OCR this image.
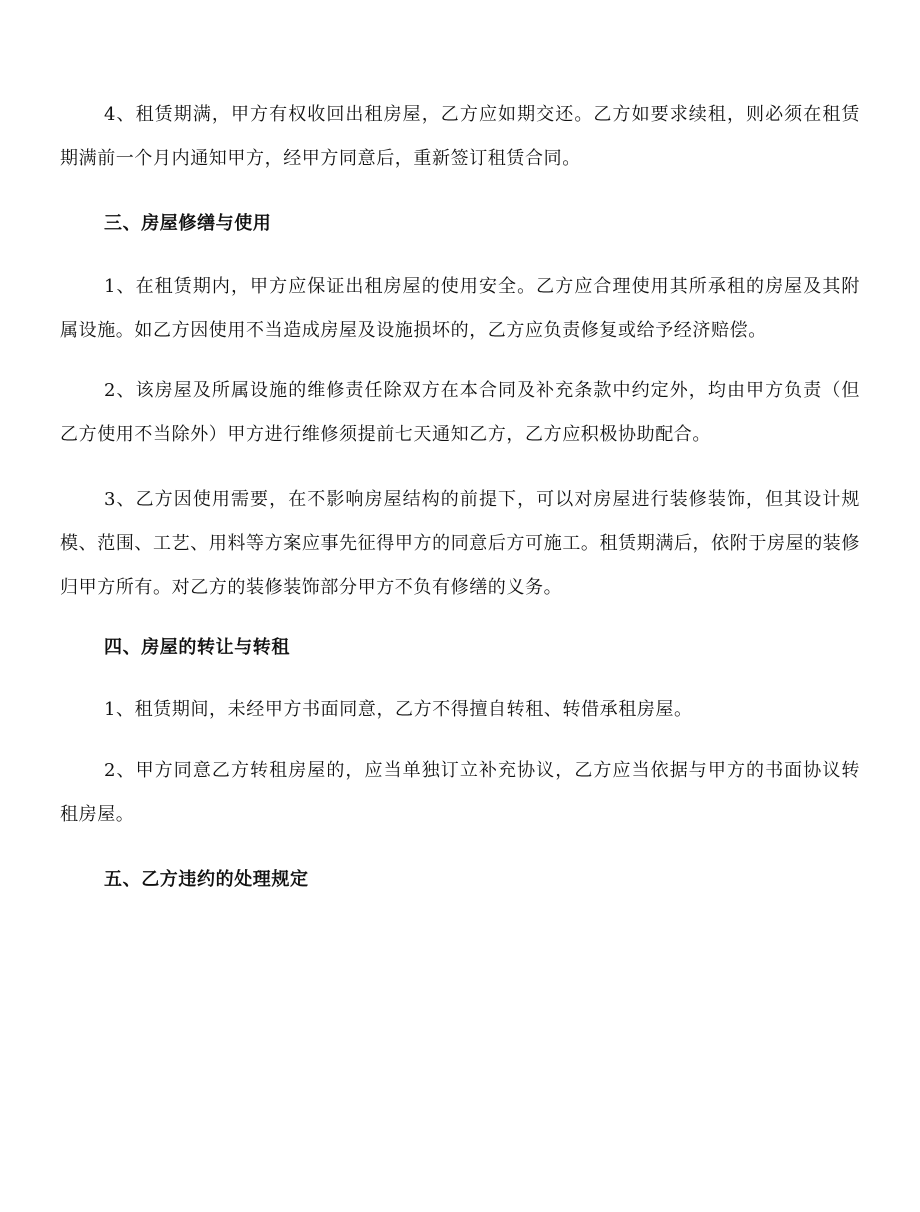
4、租赁期满，甲方有权收回出租房屋，乙方应如期交还。乙方如要求续租，则必须在租赁期满前一个月内通知甲方，经甲方同意后，重新签订租赁合同。

三、房屋修缮与使用

1、在租赁期内，甲方应保证出租房屋的使用安全。乙方应合理使用其所承租的房屋及其附属设施。如乙方因使用不当造成房屋及设施损坏的，乙方应负责修复或给予经济赔偿。

2、该房屋及所属设施的维修责任除双方在本合同及补充条款中约定外，均由甲方负责（但乙方使用不当除外）甲方进行维修须提前七天通知乙方，乙方应积极协助配合。

3、乙方因使用需要，在不影响房屋结构的前提下，可以对房屋进行装修装饰，但其设计规模、范围、工艺、用料等方案应事先征得甲方的同意后方可施工。租赁期满后，依附于房屋的装修归甲方所有。对乙方的装修装饰部分甲方不负有修缮的义务。

四、房屋的转让与转租

1、租赁期间，未经甲方书面同意，乙方不得擅自转租、转借承租房屋。

2、甲方同意乙方转租房屋的，应当单独订立补充协议，乙方应当依据与甲方的书面协议转租房屋。

五、乙方违约的处理规定
